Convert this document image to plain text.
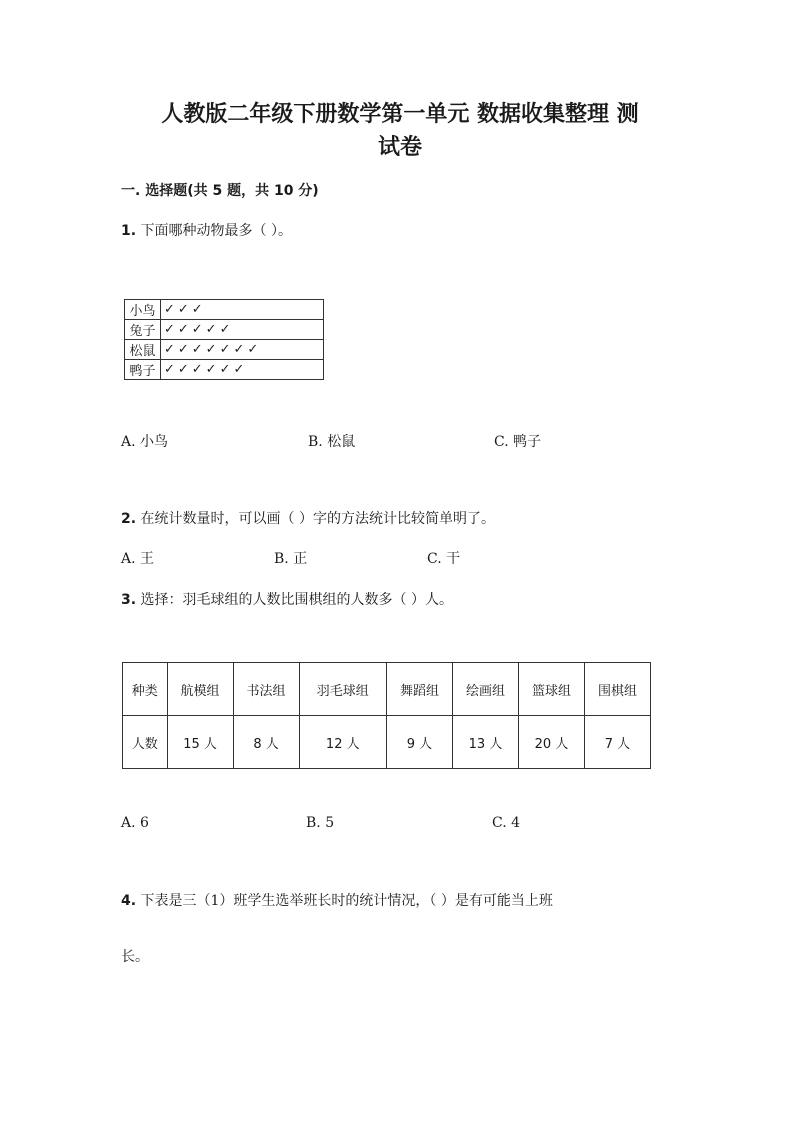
人教版二年级下册数学第一单元 数据收集整理 测
试卷
一. 选择题(共 5 题，共 10 分)
1. 下面哪种动物最多（ ）。
小鸟	✓✓✓
兔子	✓✓✓✓✓
松鼠	✓✓✓✓✓✓✓
鸭子	✓✓✓✓✓✓
A. 小鸟	B. 松鼠	C. 鸭子
2. 在统计数量时，可以画（ ）字的方法统计比较简单明了。
A. 王	B. 正	C. 干
3. 选择：羽毛球组的人数比围棋组的人数多（ ）人。
种类	航模组	书法组	羽毛球组	舞蹈组	绘画组	篮球组	围棋组
人数	15 人	8 人	12 人	9 人	13 人	20 人	7 人
A. 6	B. 5	C. 4
4. 下表是三（1）班学生选举班长时的统计情况，（ ）是有可能当上班
长。
